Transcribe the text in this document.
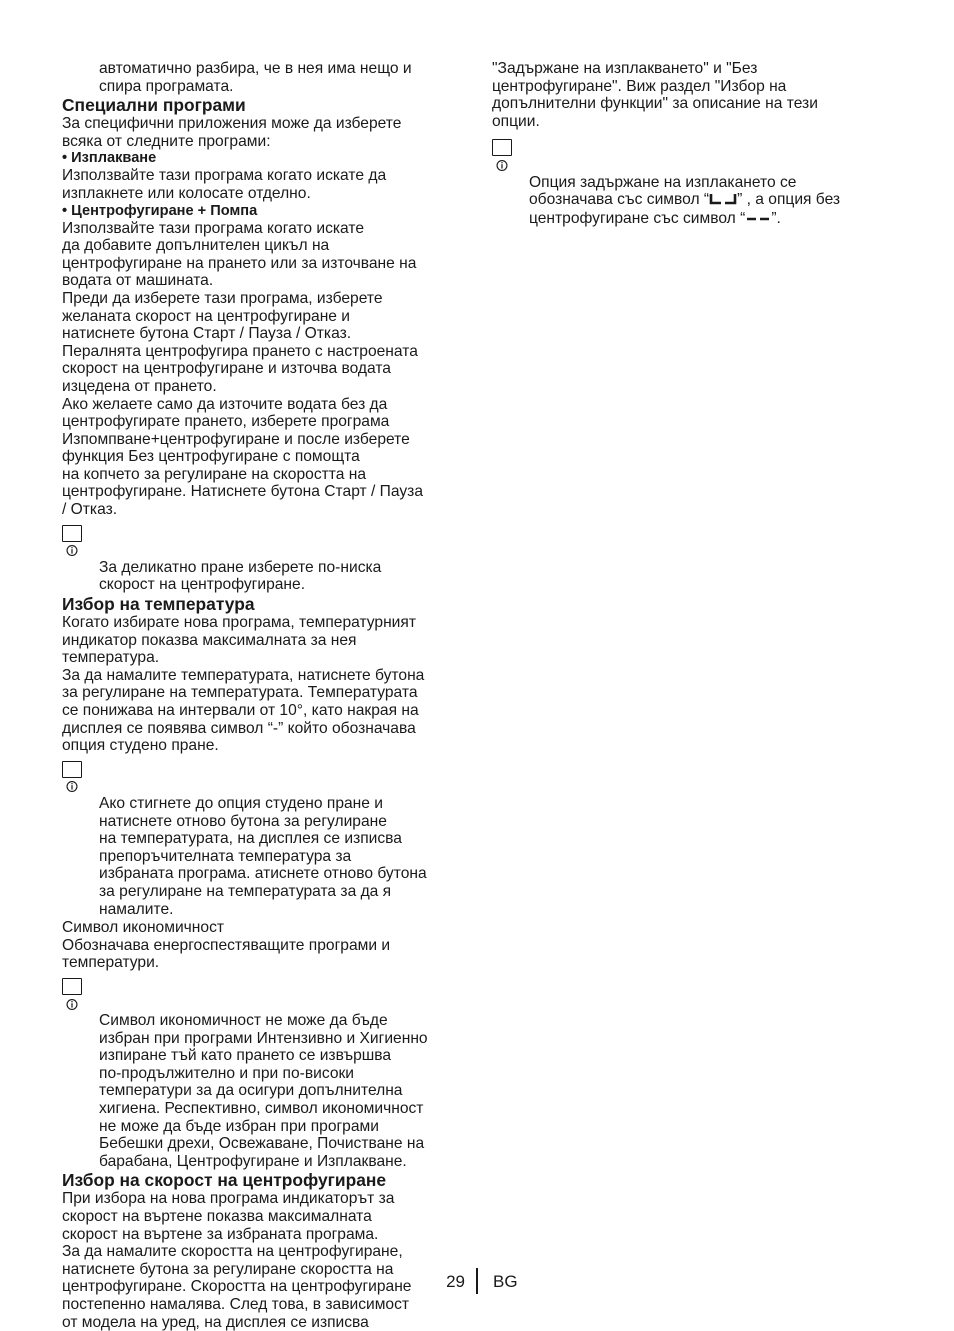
автоматично разбира, че в нея има нещо и
спира програмата.

Специални програми

За специфични приложения може да изберете
всяка от следните програми:

• Изплакване

Използвайте тази програма когато искате да
изплакнете или колосате отделно.

• Центрофугиране + Помпа

Използвайте тази програма когато искате
да добавите допълнителен цикъл на
центрофугиране на прането или за източване на
водата от машината.
Преди да изберете тази програма, изберете
желаната скорост на центрофугиране и
натиснете бутона Старт / Пауза / Отказ.
Пералнята центрофугира прането с настроената
скорост на центрофугиране и източва водата
изцедена от прането.
Ако желаете само да източите водата без да
центрофугирате прането, изберете програма
Изпомпване+центрофугиране и после изберете
функция Без центрофугиране с помощта
на копчето за регулиране на скоростта на
центрофугиране. Натиснете бутона Старт / Пауза
/ Отказ.

За деликатно пране изберете по-ниска
скорост на центрофугиране.

Избор на температура

Когато избирате нова програма, температурният
индикатор показва максималната за нея
температура.
За да намалите температурата, натиснете бутона
за регулиране на температурата. Температурата
се понижава на интервали от 10°, като накрая на
дисплея се появява символ “-” който обозначава
опция студено пране.

Ако стигнете до опция студено пране и
натиснете отново бутона за регулиране
на температурата, на дисплея се изписва
препоръчителната температура за
избраната програма. атиснете отново бутона
за регулиране на температурата за да я
намалите.

Символ икономичност

Обозначава енергоспестяващите програми и
температури.

Символ икономичност не може да бъде
избран при програми Интензивно и Хигиенно
изпиране тъй като прането се извършва
по-продължително и при по-високи
температури за да осигури допълнителна
хигиена. Респективно, символ икономичност
не може да бъде избран при програми
Бебешки дрехи, Освежаване, Почистване на
барабана, Центрофугиране и Изплакване.

Избор на скорост на центрофугиране

При избора на нова програма индикаторът за
скорост на въртене показва максималната
скорост на въртене за избраната програма.
За да намалите скоростта на центрофугиране,
натиснете бутона за регулиране скоростта на
центрофугиране. Скоростта на центрофугиране
постепенно намалява. След това, в зависимост
от модела на уред, на дисплея се изписва

"Задържане на изплакването" и "Без
центрофугиране". Виж раздел "Избор на
допълнителни функции" за описание на тези
опции.

Опция задържане на изплакането се
обозначава със символ “ ” , а опция без
центрофугиране със символ “ ”.

29 BG
